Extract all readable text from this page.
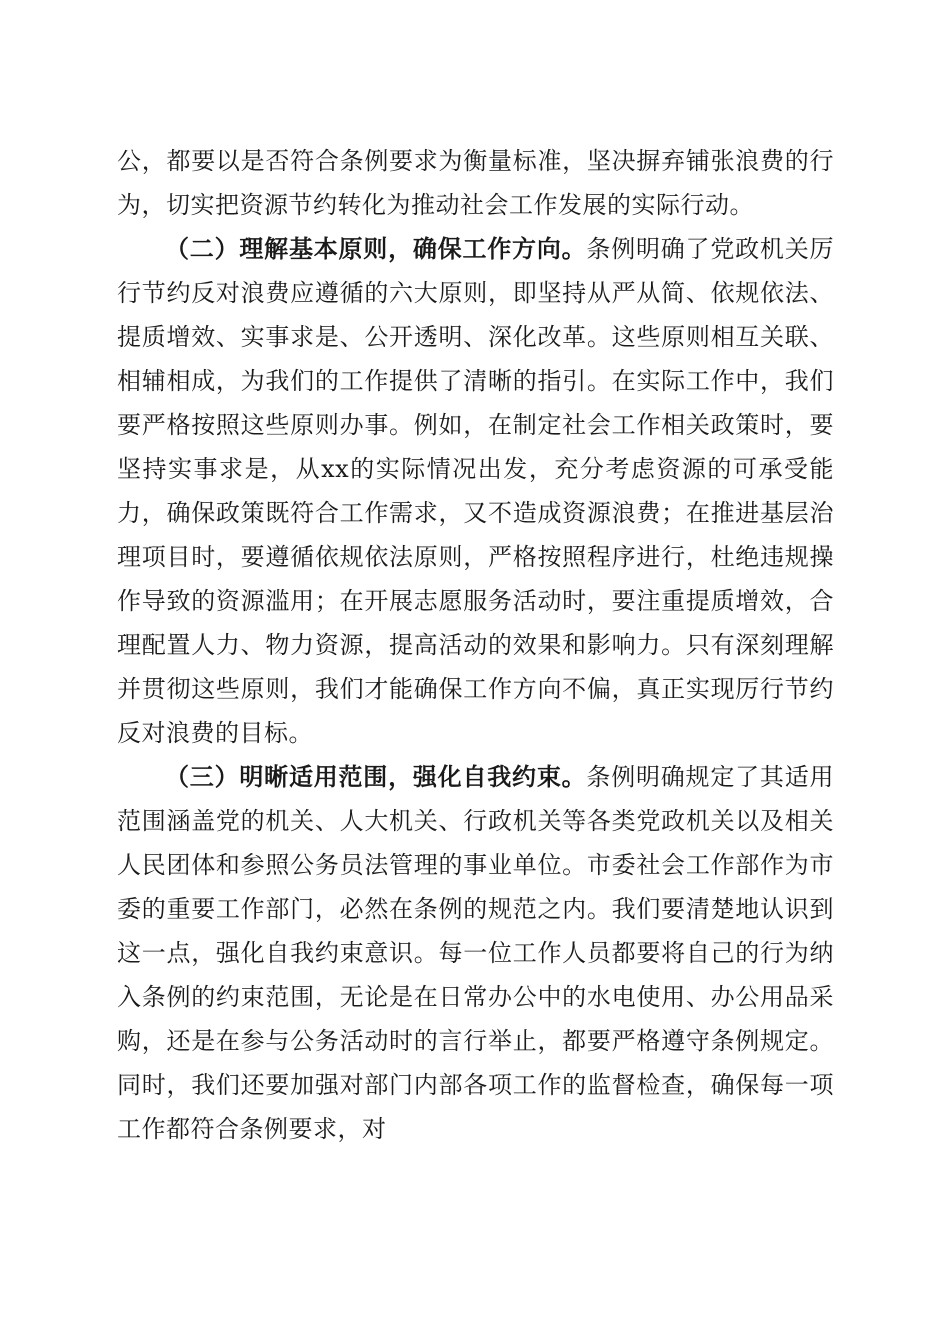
公，都要以是否符合条例要求为衡量标准，坚决摒弃铺张浪费的行为，切实把资源节约转化为推动社会工作发展的实际行动。

（二）理解基本原则，确保工作方向。条例明确了党政机关厉行节约反对浪费应遵循的六大原则，即坚持从严从简、依规依法、提质增效、实事求是、公开透明、深化改革。这些原则相互关联、相辅相成，为我们的工作提供了清晰的指引。在实际工作中，我们要严格按照这些原则办事。例如，在制定社会工作相关政策时，要坚持实事求是，从xx的实际情况出发，充分考虑资源的可承受能力，确保政策既符合工作需求，又不造成资源浪费；在推进基层治理项目时，要遵循依规依法原则，严格按照程序进行，杜绝违规操作导致的资源滥用；在开展志愿服务活动时，要注重提质增效，合理配置人力、物力资源，提高活动的效果和影响力。只有深刻理解并贯彻这些原则，我们才能确保工作方向不偏，真正实现厉行节约反对浪费的目标。

（三）明晰适用范围，强化自我约束。条例明确规定了其适用范围涵盖党的机关、人大机关、行政机关等各类党政机关以及相关人民团体和参照公务员法管理的事业单位。市委社会工作部作为市委的重要工作部门，必然在条例的规范之内。我们要清楚地认识到这一点，强化自我约束意识。每一位工作人员都要将自己的行为纳入条例的约束范围，无论是在日常办公中的水电使用、办公用品采购，还是在参与公务活动时的言行举止，都要严格遵守条例规定。同时，我们还要加强对部门内部各项工作的监督检查，确保每一项工作都符合条例要求，对
